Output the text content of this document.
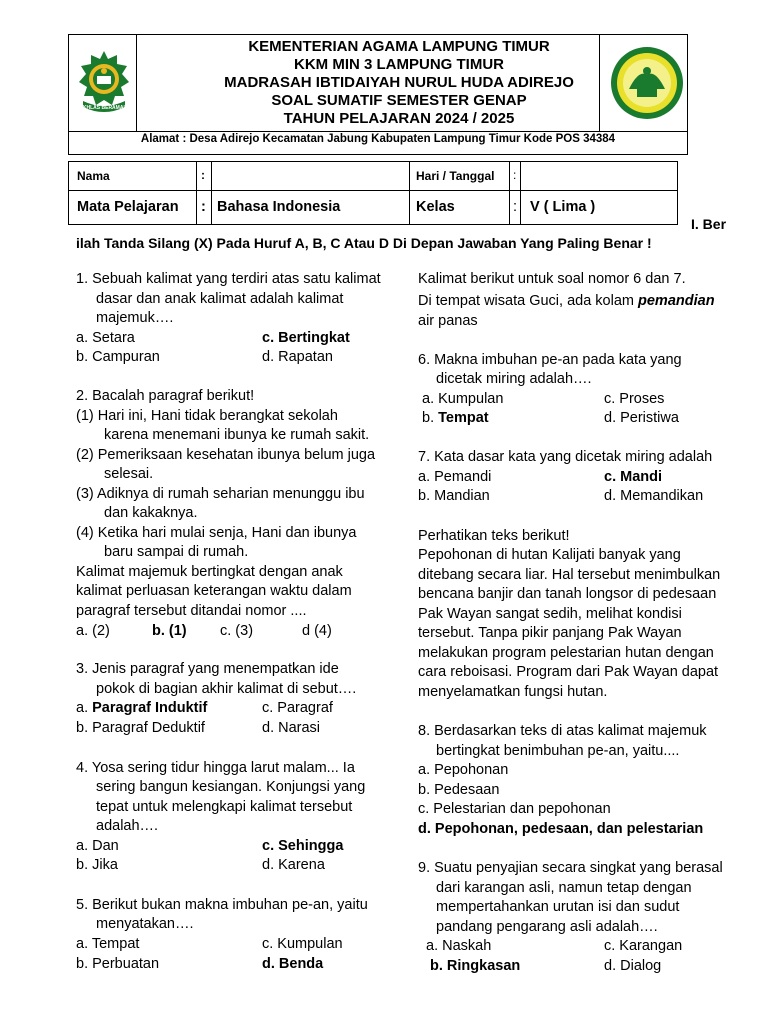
IKHLAS BERAMAL
KEMENTERIAN AGAMA LAMPUNG TIMUR
KKM MIN 3 LAMPUNG TIMUR
MADRASAH IBTIDAIYAH NURUL HUDA ADIREJO
SOAL SUMATIF SEMESTER GENAP
TAHUN PELAJARAN 2024 / 2025
Alamat : Desa Adirejo Kecamatan Jabung Kabupaten Lampung Timur Kode POS 34384
Nama	:	Hari / Tanggal :
Mata Pelajaran : Bahasa Indonesia	Kelas	: V ( Lima )
I. Ber
ilah Tanda Silang (X) Pada Huruf A, B, C Atau D Di Depan Jawaban Yang Paling Benar !
1. Sebuah kalimat yang terdiri atas satu kalimat
dasar dan anak kalimat adalah kalimat
majemuk….
a. Setara	c. Bertingkat
b. Campuran	d. Rapatan
2. Bacalah paragraf berikut!
(1) Hari ini, Hani tidak berangkat sekolah
karena menemani ibunya ke rumah sakit.
(2) Pemeriksaan kesehatan ibunya belum juga
selesai.
(3) Adiknya di rumah seharian menunggu ibu
dan kakaknya.
(4) Ketika hari mulai senja, Hani dan ibunya
baru sampai di rumah.
Kalimat majemuk bertingkat dengan anak
kalimat perluasan keterangan waktu dalam
paragraf tersebut ditandai nomor ....
a. (2)	b. (1) c. (3)	d (4)
3. Jenis paragraf yang menempatkan ide
pokok di bagian akhir kalimat di sebut….
a. Paragraf Induktif	c. Paragraf
b. Paragraf Deduktif	d. Narasi
4. Yosa sering tidur hingga larut malam... Ia
sering bangun kesiangan. Konjungsi yang
tepat untuk melengkapi kalimat tersebut
adalah….
a. Dan	c. Sehingga
b. Jika	d. Karena
5. Berikut bukan makna imbuhan pe-an, yaitu
menyatakan….
a. Tempat	c. Kumpulan
b. Perbuatan	d. Benda
Kalimat berikut untuk soal nomor 6 dan 7.
Di tempat wisata Guci, ada kolam pemandian
air panas
6. Makna imbuhan pe-an pada kata yang
dicetak miring adalah….
a. Kumpulan	c. Proses
b. Tempat	d. Peristiwa
7. Kata dasar kata yang dicetak miring adalah
a. Pemandi	c. Mandi
b. Mandian	d. Memandikan
Perhatikan teks berikut!
Pepohonan di hutan Kalijati banyak yang
ditebang secara liar. Hal tersebut menimbulkan
bencana banjir dan tanah longsor di pedesaan
Pak Wayan sangat sedih, melihat kondisi
tersebut. Tanpa pikir panjang Pak Wayan
melakukan program pelestarian hutan dengan
cara reboisasi. Program dari Pak Wayan dapat
menyelamatkan fungsi hutan.
8. Berdasarkan teks di atas kalimat majemuk
bertingkat benimbuhan pe-an, yaitu....
a. Pepohonan
b. Pedesaan
c. Pelestarian dan pepohonan
d. Pepohonan, pedesaan, dan pelestarian
9. Suatu penyajian secara singkat yang berasal
dari karangan asli, namun tetap dengan
mempertahankan urutan isi dan sudut
pandang pengarang asli adalah….
a. Naskah	c. Karangan
b. Ringkasan	d. Dialog
